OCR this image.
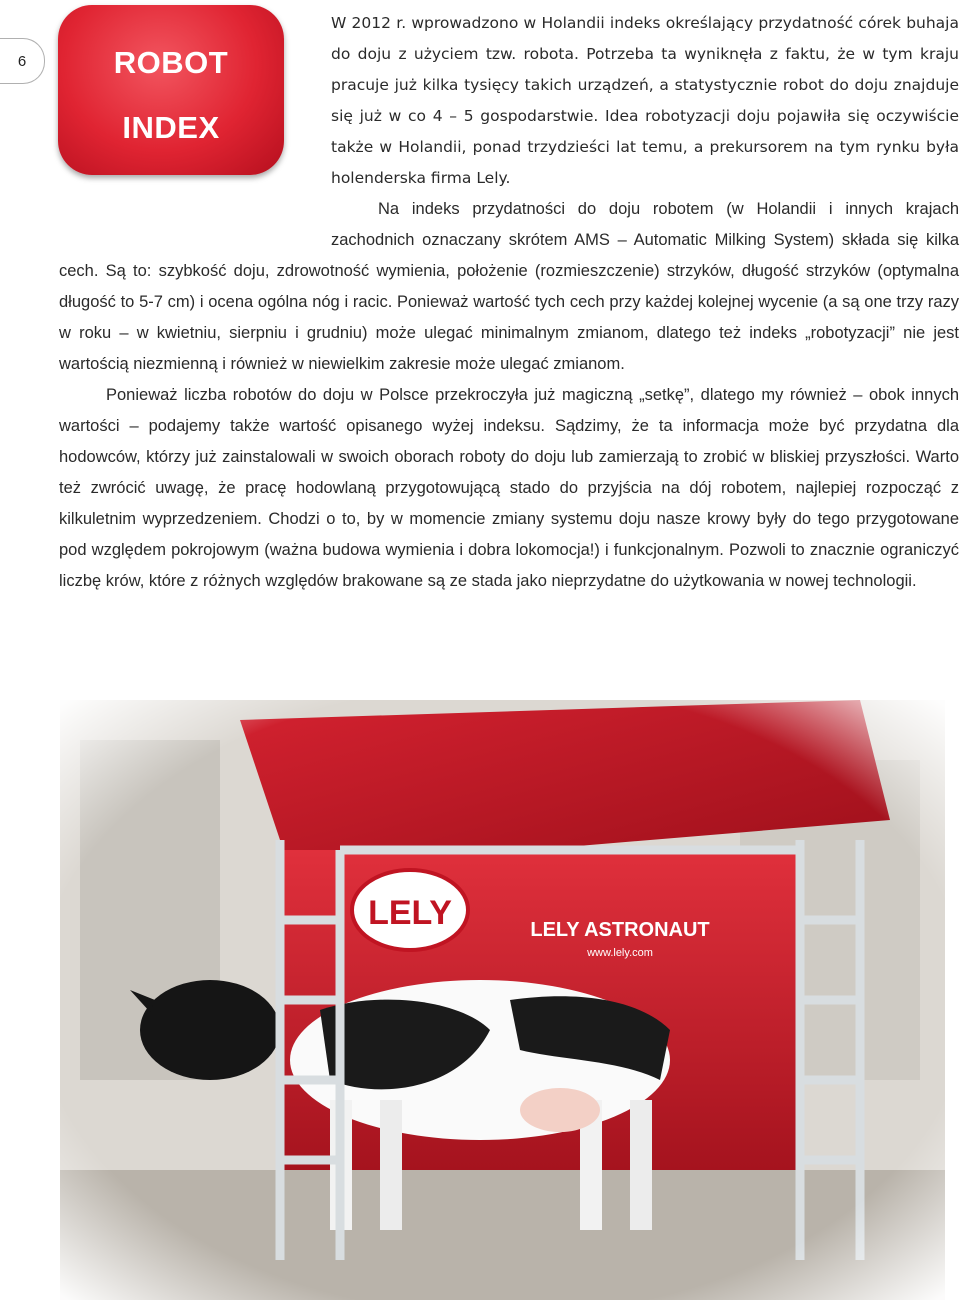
6	ROBOT
INDEX

W 2012 r. wprowadzono w Holandii indeks określający przydatność córek buhaja do doju z użyciem tzw. robota. Potrzeba ta wyniknęła z faktu, że w tym kraju pracuje już kilka tysięcy takich urządzeń, a statystycznie robot do doju znajduje się już w co 4 – 5 gospodarstwie. Idea robotyzacji doju pojawiła się oczywiście także w Holandii, ponad trzydzieści lat temu, a prekursorem na tym rynku była holenderska firma Lely.

Na indeks przydatności do doju robotem (w Holandii i innych krajach zachodnich oznaczany skrótem AMS – Automatic Milking System) składa się kilka cech. Są to: szybkość doju, zdrowotność wymienia, położenie (rozmieszczenie) strzyków, długość strzyków (optymalna długość to 5-7 cm) i ocena ogólna nóg i racic. Ponieważ wartość tych cech przy każdej kolejnej wycenie (a są one trzy razy w roku – w kwietniu, sierpniu i grudniu) może ulegać minimalnym zmianom, dlatego też indeks „robotyzacji” nie jest wartością niezmienną i również w niewielkim zakresie może ulegać zmianom.

Ponieważ liczba robotów do doju w Polsce przekroczyła już magiczną „setkę”, dlatego my również – obok innych wartości – podajemy także wartość opisanego wyżej indeksu. Sądzimy, że ta informacja może być przydatna dla hodowców, którzy już zainstalowali w swoich oborach roboty do doju lub zamierzają to zrobić w bliskiej przyszłości. Warto też zwrócić uwagę, że pracę hodowlaną przygotowującą stado do przyjścia na dój robotem, najlepiej rozpocząć z kilkuletnim wyprzedzeniem. Chodzi o to, by w momencie zmiany systemu doju nasze krowy były do tego przygotowane pod względem pokrojowym (ważna budowa wymienia i dobra lokomocja!) i funkcjonalnym. Pozwoli to znacznie ograniczyć liczbę krów, które z różnych względów brakowane są ze stada jako nieprzydatne do użytkowania w nowej technologii.
